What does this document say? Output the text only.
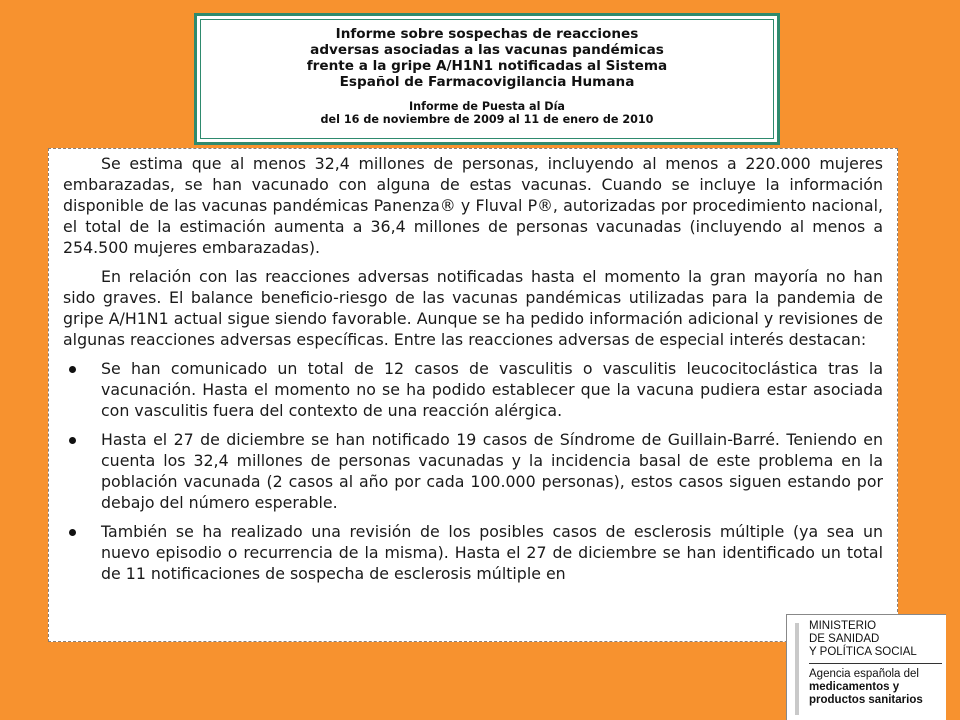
Informe sobre sospechas de reacciones

adversas asociadas a las vacunas pandémicas

frente a la gripe A/H1N1 notificadas al Sistema

Español de Farmacovigilancia Humana

Informe de Puesta al Día

del 16 de noviembre de 2009 al 11 de enero de 2010

Se estima que al menos 32,4 millones de personas, incluyendo al menos a 220.000 mujeres embarazadas, se han vacunado con alguna de estas vacunas. Cuando se incluye la información disponible de las vacunas pandémicas Panenza® y Fluval P®, autorizadas por procedimiento nacional, el total de la estimación aumenta a 36,4 millones de personas vacunadas (incluyendo al menos a 254.500 mujeres embarazadas).

En relación con las reacciones adversas notificadas hasta el momento la gran mayoría no han sido graves. El balance beneficio-riesgo de las vacunas pandémicas utilizadas para la pandemia de gripe A/H1N1 actual sigue siendo favorable. Aunque se ha pedido información adicional y revisiones de algunas reacciones adversas específicas. Entre las reacciones adversas de especial interés destacan:

Se han comunicado un total de 12 casos de vasculitis o vasculitis leucocitoclástica tras la vacunación. Hasta el momento no se ha podido establecer que la vacuna pudiera estar asociada con vasculitis fuera del contexto de una reacción alérgica.
Hasta el 27 de diciembre se han notificado 19 casos de Síndrome de Guillain-Barré. Teniendo en cuenta los 32,4 millones de personas vacunadas y la incidencia basal de este problema en la población vacunada (2 casos al año por cada 100.000 personas), estos casos siguen estando por debajo del número esperable.
También se ha realizado una revisión de los posibles casos de esclerosis múltiple (ya sea un nuevo episodio o recurrencia de la misma). Hasta el 27 de diciembre se han identificado un total de 11 notificaciones de sospecha de esclerosis múltiple en

MINISTERIO

DE SANIDAD

Y POLÍTICA SOCIAL

Agencia española del

medicamentos y

productos sanitarios
